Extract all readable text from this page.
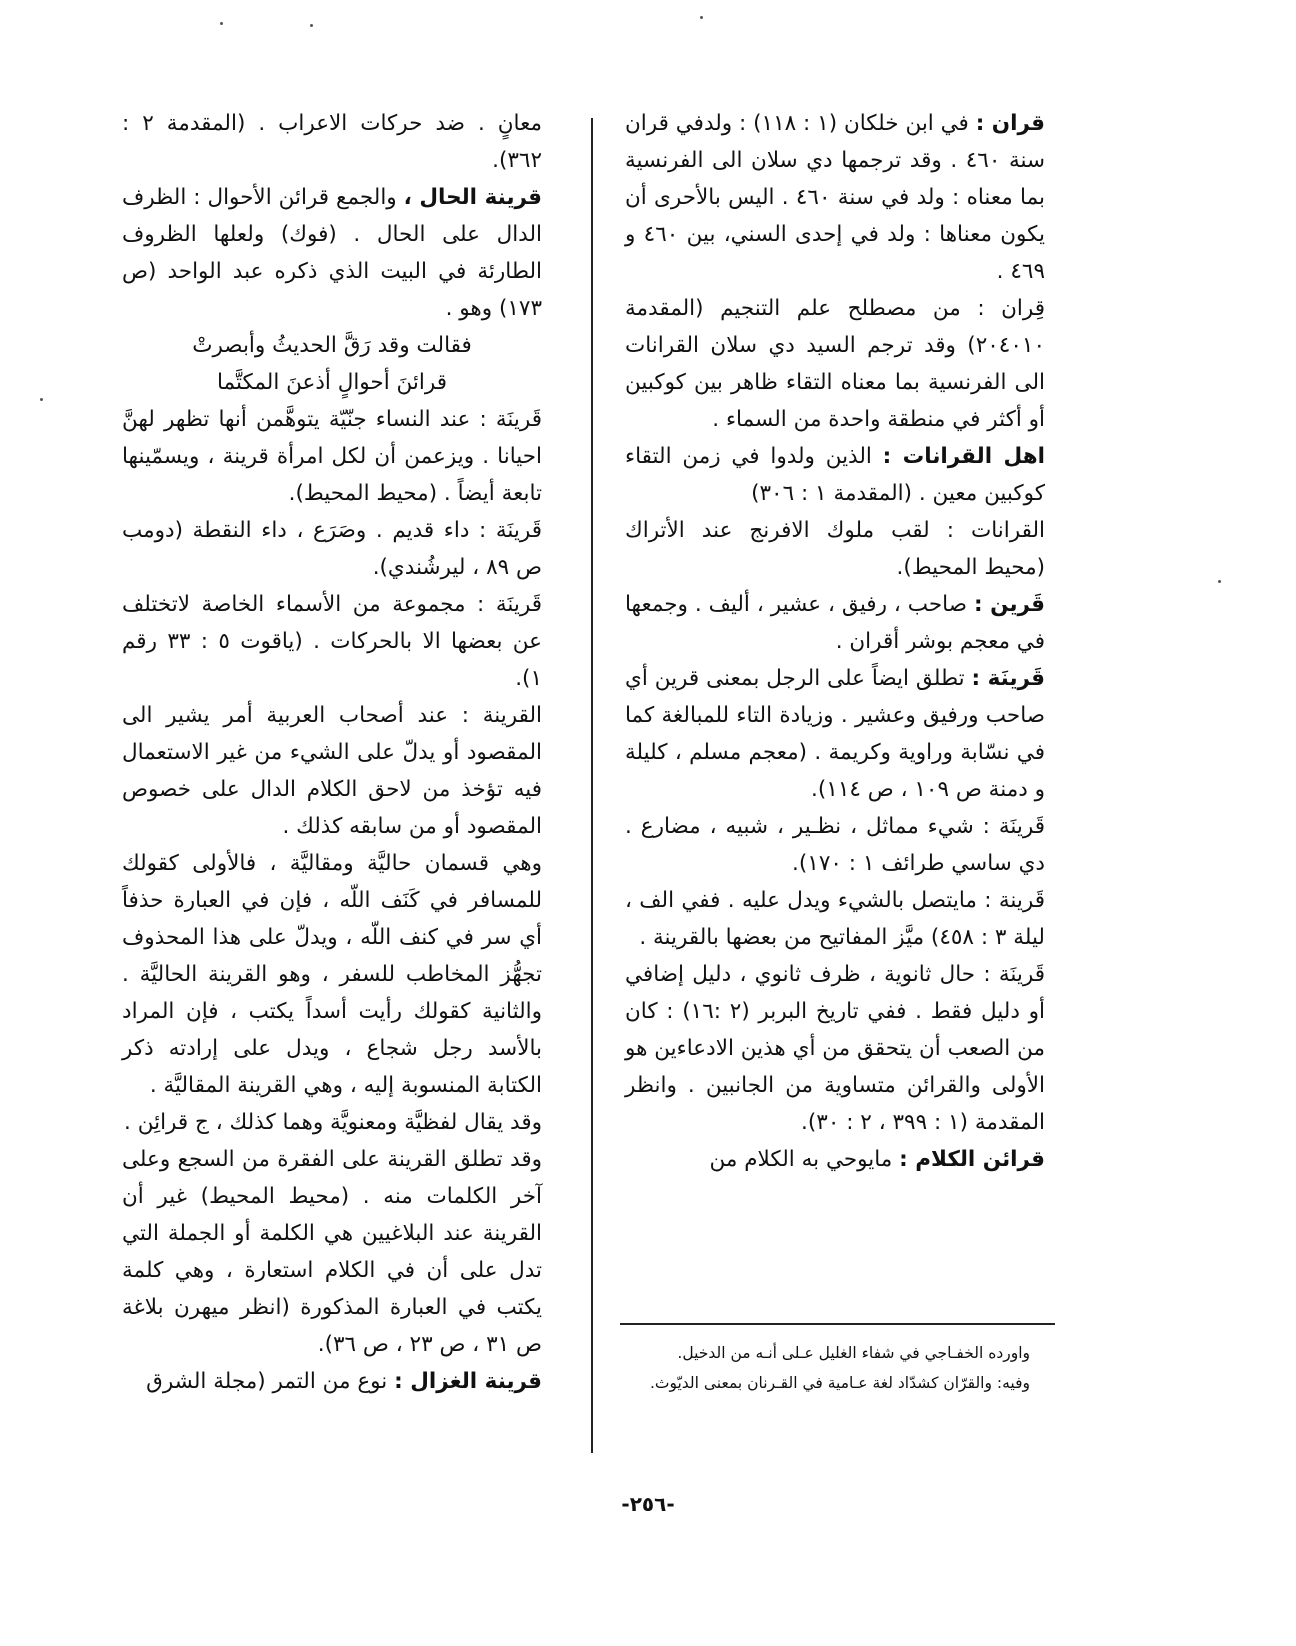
قران : في ابن خلكان (١ : ١١٨) : ولدفي قران سنة ٤٦٠ . وقد ترجمها دي سلان الى الفرنسية بما معناه : ولد في سنة ٤٦٠ . اليس بالأحرى أن يكون معناها : ولد في إحدى السني، بين ٤٦٠ و ٤٦٩ .

قِران : من مصطلح علم التنجيم (المقدمة ٢٠٤٠١٠) وقد ترجم السيد دي سلان القرانات الى الفرنسية بما معناه التقاء ظاهر بين كوكبين أو أكثر في منطقة واحدة من السماء .

اهل القرانات : الذين ولدوا في زمن التقاء كوكبين معين . (المقدمة ١ : ٣٠٦)

القرانات : لقب ملوك الافرنج عند الأتراك (محيط المحيط).

قَرين : صاحب ، رفيق ، عشير ، أليف . وجمعها في معجم بوشر أقران .

قَرينَة : تطلق ايضاً على الرجل بمعنى قرين أي صاحب ورفيق وعشير . وزيادة التاء للمبالغة كما في نسّابة وراوية وكريمة . (معجم مسلم ، كليلة و دمنة ص ١٠٩ ، ص ١١٤).

قَرينَة : شيء مماثل ، نظـير ، شبيه ، مضارع . دي ساسي طرائف ١ : ١٧٠).

قَرينة : مايتصل بالشيء ويدل عليه . ففي الف ، ليلة ٣ : ٤٥٨) ميَّز المفاتيح من بعضها بالقرينة .

قَرينَة : حال ثانوية ، ظرف ثانوي ، دليل إضافي أو دليل فقط . ففي تاريخ البربر (٢ :١٦) : كان من الصعب أن يتحقق من أي هذين الادعاءين هو الأولى والقرائن متساوية من الجانبين . وانظر المقدمة (١ : ٣٩٩ ، ٢ : ٣٠).

قرائن الكلام : مايوحي به الكلام من

معانٍ . ضد حركات الاعراب . (المقدمة ٢ : ٣٦٢).

قرينة الحال ، والجمع قرائن الأحوال : الظرف الدال على الحال . (فوك) ولعلها الظروف الطارئة في البيت الذي ذكره عبد الواحد (ص ١٧٣) وهو .

فقالت وقد رَقَّ الحديثُ وأبصرتْ

قرائنَ أحوالٍ أذعنَ المكتَّما

قَرينَة : عند النساء جنّيّة يتوهَّمن أنها تظهر لهنَّ احيانا . ويزعمن أن لكل امرأة قرينة ، ويسمّينها تابعة أيضاً . (محيط المحيط).

قَرينَة : داء قديم . وصَرَع ، داء النقطة (دومب ص ٨٩ ، ليرشُندي).

قَرينَة : مجموعة من الأسماء الخاصة لاتختلف عن بعضها الا بالحركات . (ياقوت ٥ : ٣٣ رقم ١).

القرينة : عند أصحاب العربية أمر يشير الى المقصود أو يدلّ على الشيء من غير الاستعمال فيه تؤخذ من لاحق الكلام الدال على خصوص المقصود أو من سابقه كذلك .

وهي قسمان حاليَّة ومقاليَّة ، فالأولى كقولك للمسافر في كَنَف اللّه ، فإن في العبارة حذفاً أي سر في كنف اللّه ، ويدلّ على هذا المحذوف تجهُّز المخاطب للسفر ، وهو القرينة الحاليَّة . والثانية كقولك رأيت أسداً يكتب ، فإن المراد بالأسد رجل شجاع ، ويدل على إرادته ذكر الكتابة المنسوبة إليه ، وهي القرينة المقاليَّة .

وقد يقال لفظيَّة ومعنويَّة وهما كذلك ، ج قرائِن .

وقد تطلق القرينة على الفقرة من السجع وعلى آخر الكلمات منه . (محيط المحيط) غير أن القرينة عند البلاغيين هي الكلمة أو الجملة التي تدل على أن في الكلام استعارة ، وهي كلمة يكتب في العبارة المذكورة (انظر ميهرن بلاغة ص ٣١ ، ص ٢٣ ، ص ٣٦).

قرينة الغزال : نوع من التمر (مجلة الشرق

واورده الخفـاجي في شفاء الغليل عـلى أنـه من الدخيل.

وفيه: والقرّان كشدّاد لغة عـامية في القـرنان بمعنى الديّوث.

-٢٥٦-
